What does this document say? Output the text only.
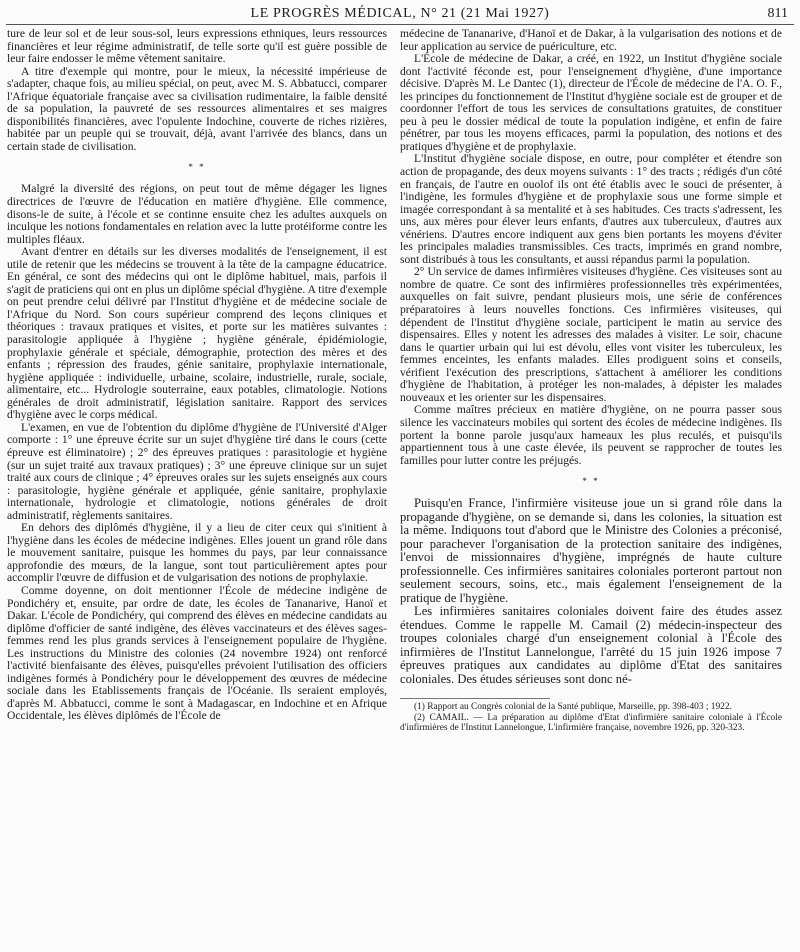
LE PROGRÈS MÉDICAL, N° 21 (21 Mai 1927)	811

ture de leur sol et de leur sous-sol, leurs expressions ethniques, leurs ressources financières et leur régime administratif, de telle sorte qu'il est guère possible de leur faire endosser le même vêtement sanitaire.

A titre d'exemple qui montre, pour le mieux, la nécessité impérieuse de s'adapter, chaque fois, au milieu spécial, on peut, avec M. S. Abbatucci, comparer l'Afrique équatoriale française avec sa civilisation rudimentaire, la faible densité de sa population, la pauvreté de ses ressources alimentaires et ses maigres disponibilités financières, avec l'opulente Indochine, couverte de riches rizières, habitée par un peuple qui se trouvait, déjà, avant l'arrivée des blancs, dans un certain stade de civilisation.

* *

Malgré la diversité des régions, on peut tout de même dégager les lignes directrices de l'œuvre de l'éducation en matière d'hygiène. Elle commence, disons-le de suite, à l'école et se continne ensuite chez les adultes auxquels on inculque les notions fondamentales en relation avec la lutte protéiforme contre les multiples fléaux.

Avant d'entrer en détails sur les diverses modalités de l'enseignement, il est utile de retenir que les médecins se trouvent à la tête de la campagne éducatrice. En général, ce sont des médecins qui ont le diplôme habituel, mais, parfois il s'agit de praticiens qui ont en plus un diplôme spécial d'hygiène. A titre d'exemple on peut prendre celui délivré par l'Institut d'hygiène et de médecine sociale de l'Afrique du Nord. Son cours supérieur comprend des leçons cliniques et théoriques : travaux pratiques et visites, et porte sur les matières suivantes : parasitologie appliquée à l'hygiène ; hygiène générale, épidémiologie, prophylaxie générale et spéciale, démographie, protection des mères et des enfants ; répression des fraudes, génie sanitaire, prophylaxie internationale, hygiène appliquée : individuelle, urbaine, scolaire, industrielle, rurale, sociale, alimentaire, etc... Hydrologie souterraine, eaux potables, climatologie. Notions générales de droit administratif, législation sanitaire. Rapport des services d'hygiène avec le corps médical.

L'examen, en vue de l'obtention du diplôme d'hygiène de l'Université d'Alger comporte : 1° une épreuve écrite sur un sujet d'hygiène tiré dans le cours (cette épreuve est éliminatoire) ; 2° des épreuves pratiques : parasitologie et hygiène (sur un sujet traité aux travaux pratiques) ; 3° une épreuve clinique sur un sujet traité aux cours de clinique ; 4° épreuves orales sur les sujets enseignés aux cours : parasitologie, hygiène générale et appliquée, génie sanitaire, prophylaxie internationale, hydrologie et climatologie, notions générales de droit administratif, règlements sanitaires.

En dehors des diplômés d'hygiène, il y a lieu de citer ceux qui s'initient à l'hygiène dans les écoles de médecine indigènes. Elles jouent un grand rôle dans le mouvement sanitaire, puisque les hommes du pays, par leur connaissance approfondie des mœurs, de la langue, sont tout particulièrement aptes pour accomplir l'œuvre de diffusion et de vulgarisation des notions de prophylaxie.

Comme doyenne, on doit mentionner l'École de médecine indigène de Pondichéry et, ensuite, par ordre de date, les écoles de Tananarive, Hanoï et Dakar. L'école de Pondichéry, qui comprend des élèves en médecine candidats au diplôme d'officier de santé indigène, des élèves vaccinateurs et des élèves sages-femmes rend les plus grands services à l'enseignement populaire de l'hygiène. Les instructions du Ministre des colonies (24 novembre 1924) ont renforcé l'activité bienfaisante des élèves, puisqu'elles prévoient l'utilisation des officiers indigènes formés à Pondichéry pour le développement des œuvres de médecine sociale dans les Etablissements français de l'Océanie. Ils seraient employés, d'après M. Abbatucci, comme le sont à Madagascar, en Indochine et en Afrique Occidentale, les élèves diplômés de l'École de

médecine de Tananarive, d'Hanoï et de Dakar, à la vulgarisation des notions et de leur application au service de puériculture, etc.

L'École de médecine de Dakar, a créé, en 1922, un Institut d'hygiène sociale dont l'activité féconde est, pour l'enseignement d'hygiène, d'une importance décisive. D'après M. Le Dantec (1), directeur de l'École de médecine de l'A. O. F., les principes du fonctionnement de l'Institut d'hygiène sociale est de grouper et de coordonner l'effort de tous les services de consultations gratuites, de constituer peu à peu le dossier médical de toute la population indigène, et enfin de faire pénétrer, par tous les moyens efficaces, parmi la population, des notions et des pratiques d'hygiène et de prophylaxie.

L'Institut d'hygiène sociale dispose, en outre, pour compléter et étendre son action de propagande, des deux moyens suivants : 1° des tracts ; rédigés d'un côté en français, de l'autre en ouolof ils ont été établis avec le souci de présenter, à l'indigène, les formules d'hygiène et de prophylaxie sous une forme simple et imagée correspondant à sa mentalité et à ses habitudes. Ces tracts s'adressent, les uns, aux mères pour élever leurs enfants, d'autres aux tuberculeux, d'autres aux vénériens. D'autres encore indiquent aux gens bien portants les moyens d'éviter les principales maladies transmissibles. Ces tracts, imprimés en grand nombre, sont distribués à tous les consultants, et aussi répandus parmi la population.

2° Un service de dames infirmières visiteuses d'hygiène. Ces visiteuses sont au nombre de quatre. Ce sont des infirmières professionnelles très expérimentées, auxquelles on fait suivre, pendant plusieurs mois, une série de conférences préparatoires à leurs nouvelles fonctions. Ces infirmières visiteuses, qui dépendent de l'Institut d'hygiène sociale, participent le matin au service des dispensaires. Elles y notent les adresses des malades à visiter. Le soir, chacune dans le quartier urbain qui lui est dévolu, elles vont visiter les tuberculeux, les femmes enceintes, les enfants malades. Elles prodiguent soins et conseils, vérifient l'exécution des prescriptions, s'attachent à améliorer les conditions d'hygiène de l'habitation, à protéger les non-malades, à dépister les malades nouveaux et les orienter sur les dispensaires.

Comme maîtres précieux en matière d'hygiène, on ne pourra passer sous silence les vaccinateurs mobiles qui sortent des écoles de médecine indigènes. Ils portent la bonne parole jusqu'aux hameaux les plus reculés, et puisqu'ils appartiennent tous à une caste élevée, ils peuvent se rapprocher de toutes les familles pour lutter contre les préjugés.

* *

Puisqu'en France, l'infirmière visiteuse joue un si grand rôle dans la propagande d'hygiène, on se demande si, dans les colonies, la situation est la même. Indiquons tout d'abord que le Ministre des Colonies a préconisé, pour parachever l'organisation de la protection sanitaire des indigènes, l'envoi de missionnaires d'hygiène, imprégnés de haute culture professionnelle. Ces infirmières sanitaires coloniales porteront partout non seulement secours, soins, etc., mais également l'enseignement de la pratique de l'hygiène.

Les infirmières sanitaires coloniales doivent faire des études assez étendues. Comme le rappelle M. Camail (2) médecin-inspecteur des troupes coloniales chargé d'un enseignement colonial à l'École des infirmières de l'Institut Lannelongue, l'arrêté du 15 juin 1926 impose 7 épreuves pratiques aux candidates au diplôme d'Etat des sanitaires coloniales. Des études sérieuses sont donc né-

(1) Rapport au Congrès colonial de la Santé publique, Marseille, pp. 398-403 ; 1922.

(2) CAMAIL. — La préparation au diplôme d'Etat d'infirmière sanitaire coloniale à l'École d'infirmières de l'Institut Lannelongue, L'infirmière française, novembre 1926, pp. 320-323.
